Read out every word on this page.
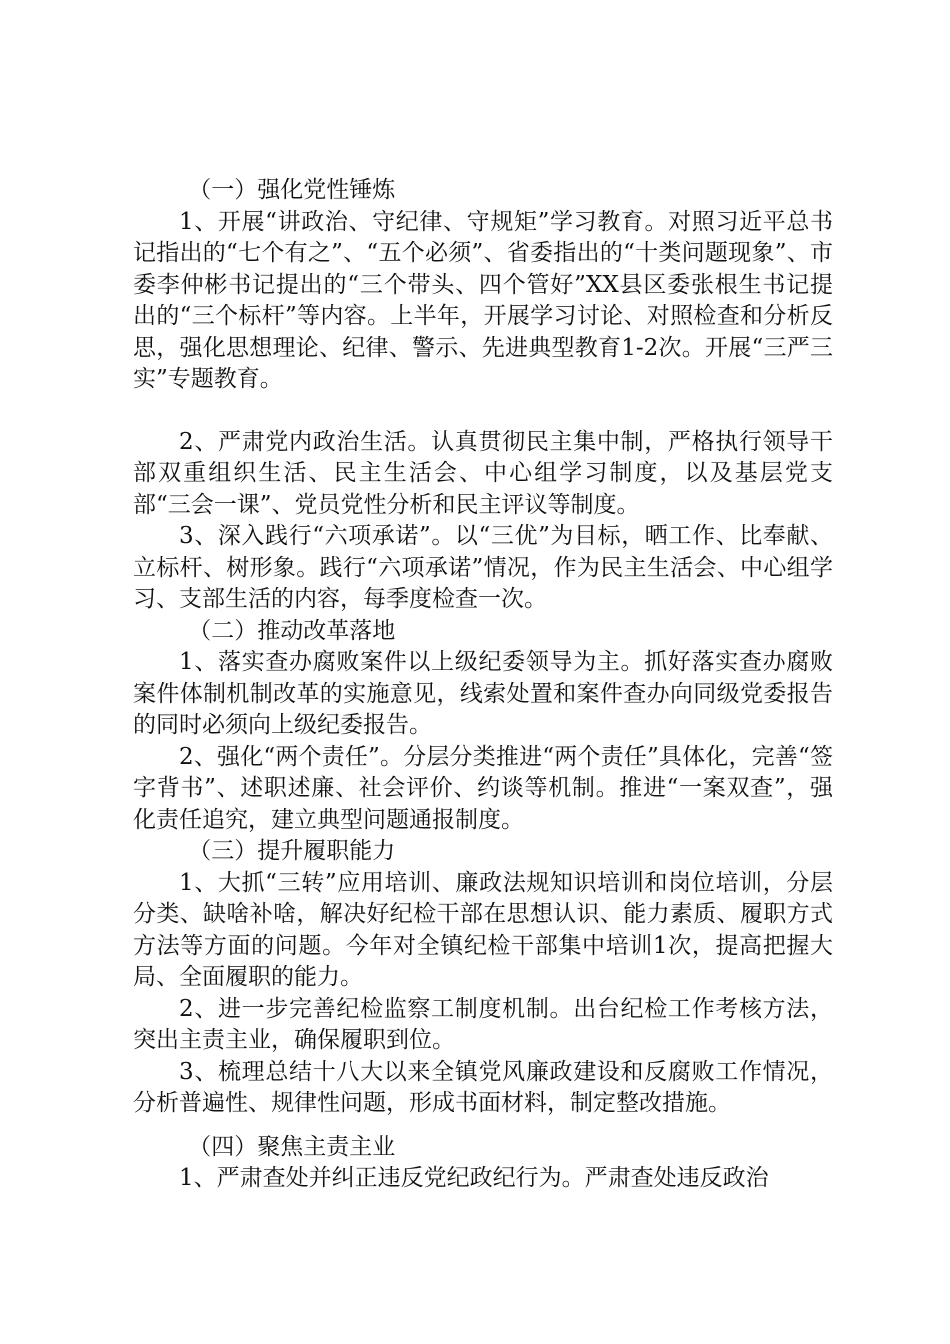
（一）强化党性锤炼

1、开展“讲政治、守纪律、守规矩”学习教育。对照习近平总书记指出的“七个有之”、“五个必须”、省委指出的“十类问题现象”、市委李仲彬书记提出的“三个带头、四个管好”XX县区委张根生书记提出的“三个标杆”等内容。上半年，开展学习讨论、对照检查和分析反思，强化思想理论、纪律、警示、先进典型教育1-2次。开展“三严三实”专题教育。

2、严肃党内政治生活。认真贯彻民主集中制，严格执行领导干部双重组织生活、民主生活会、中心组学习制度，以及基层党支部“三会一课”、党员党性分析和民主评议等制度。

3、深入践行“六项承诺”。以“三优”为目标，晒工作、比奉献、立标杆、树形象。践行“六项承诺”情况，作为民主生活会、中心组学习、支部生活的内容，每季度检查一次。

（二）推动改革落地

1、落实查办腐败案件以上级纪委领导为主。抓好落实查办腐败案件体制机制改革的实施意见，线索处置和案件查办向同级党委报告的同时必须向上级纪委报告。

2、强化“两个责任”。分层分类推进“两个责任”具体化，完善“签字背书”、述职述廉、社会评价、约谈等机制。推进“一案双查”，强化责任追究，建立典型问题通报制度。

（三）提升履职能力

1、大抓“三转”应用培训、廉政法规知识培训和岗位培训，分层分类、缺啥补啥，解决好纪检干部在思想认识、能力素质、履职方式方法等方面的问题。今年对全镇纪检干部集中培训1次，提高把握大局、全面履职的能力。

2、进一步完善纪检监察工制度机制。出台纪检工作考核方法，突出主责主业，确保履职到位。

3、梳理总结十八大以来全镇党风廉政建设和反腐败工作情况，分析普遍性、规律性问题，形成书面材料，制定整改措施。

（四）聚焦主责主业

1、严肃查处并纠正违反党纪政纪行为。严肃查处违反政治
